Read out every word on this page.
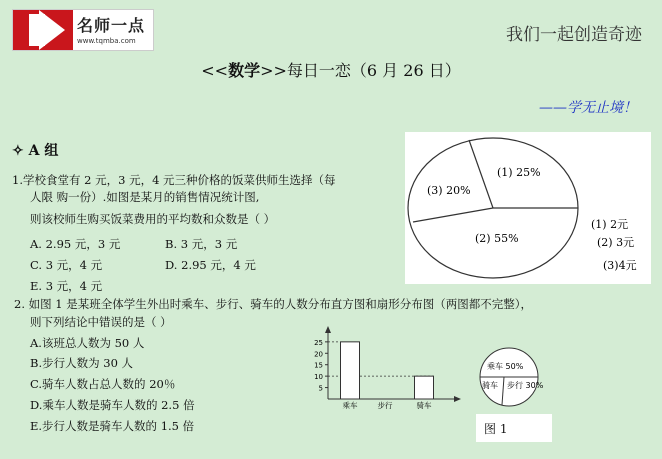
名师一点
www.tqmba.com	我们一起创造奇迹
<<数学>>每日一恋（6 月 26 日）
——学无止境！
✧ A 组
1.学校食堂有 2 元，3 元，4 元三种价格的饭菜供师生选择（每
人限 购一份）.如图是某月的销售情况统计图,
则该校师生购买饭菜费用的平均数和众数是（ ）
A. 2.95 元，3 元	B. 3 元，3 元
C. 3 元，4 元	D. 2.95 元，4 元
E. 3 元，4 元
(1) 25%
(2) 55%
(3) 20%
(1) 2元
(2) 3元
(3)4元
2. 如图 1 是某班全体学生外出时乘车、步行、骑车的人数分布直方图和扇形分布图（两图都不完整），
则下列结论中错误的是（ ）
A.该班总人数为 50 人
B.步行人数为 30 人
C.骑车人数占总人数的 20％
D.乘车人数是骑车人数的 2.5 倍
E.步行人数是骑车人数的 1.5 倍
5
10
15
20
25
乘车	步行	骑车
乘车 50%
骑车 步行 30%
图 1
